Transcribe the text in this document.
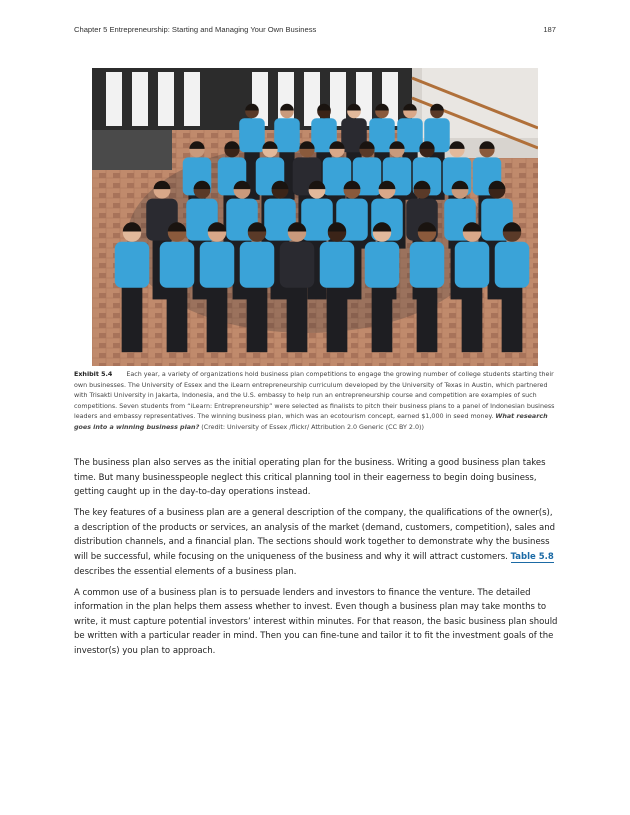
Chapter 5 Entrepreneurship: Starting and Managing Your Own Business	187
Exhibit 5.4 Each year, a variety of organizations hold business plan competitions to engage the growing number of college students starting their own businesses. The University of Essex and the iLearn entrepreneurship curriculum developed by the University of Texas in Austin, which partnered with Trisakti University in Jakarta, Indonesia, and the U.S. embassy to help run an entrepreneurship course and competition are examples of such competitions. Seven students from “iLearn: Entrepreneurship” were selected as finalists to pitch their business plans to a panel of Indonesian business leaders and embassy representatives. The winning business plan, which was an ecotourism concept, earned $1,000 in seed money. What research goes into a winning business plan? (Credit: University of Essex /flickr/ Attribution 2.0 Generic (CC BY 2.0))

The business plan also serves as the initial operating plan for the business. Writing a good business plan takes time. But many businesspeople neglect this critical planning tool in their eagerness to begin doing business, getting caught up in the day-to-day operations instead.

The key features of a business plan are a general description of the company, the qualifications of the owner(s), a description of the products or services, an analysis of the market (demand, customers, competition), sales and distribution channels, and a financial plan. The sections should work together to demonstrate why the business will be successful, while focusing on the uniqueness of the business and why it will attract customers. Table 5.8 describes the essential elements of a business plan.

A common use of a business plan is to persuade lenders and investors to finance the venture. The detailed information in the plan helps them assess whether to invest. Even though a business plan may take months to write, it must capture potential investors’ interest within minutes. For that reason, the basic business plan should be written with a particular reader in mind. Then you can fine-tune and tailor it to fit the investment goals of the investor(s) you plan to approach.
